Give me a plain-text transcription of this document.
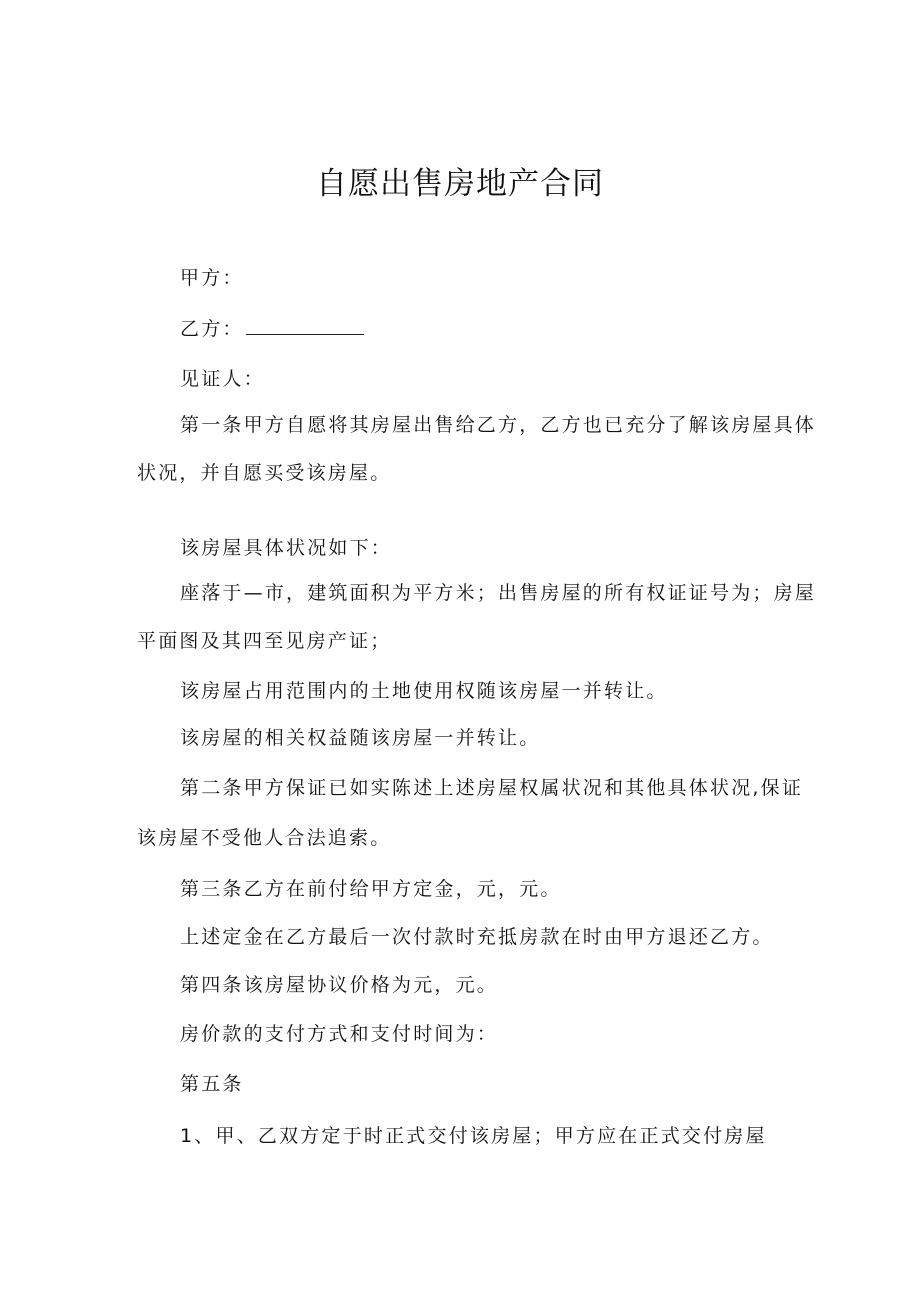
自愿出售房地产合同
甲方：
乙方：
见证人：
第一条甲方自愿将其房屋出售给乙方，乙方也已充分了解该房屋具体
状况，并自愿买受该房屋。
该房屋具体状况如下：
座落于—市，建筑面积为平方米；出售房屋的所有权证证号为；房屋
平面图及其四至见房产证；
该房屋占用范围内的土地使用权随该房屋一并转让。
该房屋的相关权益随该房屋一并转让。
第二条甲方保证已如实陈述上述房屋权属状况和其他具体状况,保证
该房屋不受他人合法追索。
第三条乙方在前付给甲方定金，元，元。
上述定金在乙方最后一次付款时充抵房款在时由甲方退还乙方。
第四条该房屋协议价格为元，元。
房价款的支付方式和支付时间为：
第五条
1、甲、乙双方定于时正式交付该房屋；甲方应在正式交付房屋
